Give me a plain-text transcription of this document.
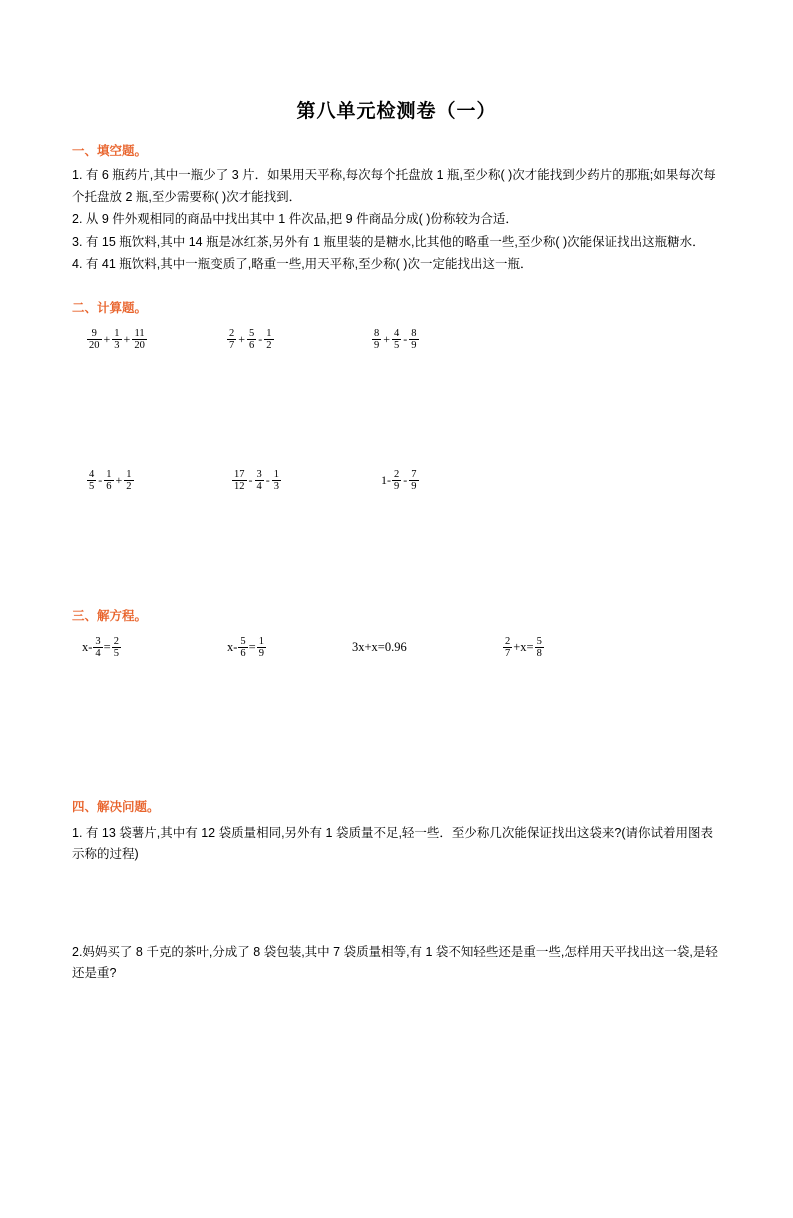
第八单元检测卷（一）
一、填空题。
1. 有 6 瓶药片,其中一瓶少了 3 片．如果用天平称,每次每个托盘放 1 瓶,至少称( )次才能找到少药片的那瓶;如果每次每个托盘放 2 瓶,至少需要称( )次才能找到．
2. 从 9 件外观相同的商品中找出其中 1 件次品,把 9 件商品分成( )份称较为合适．
3. 有 15 瓶饮料,其中 14 瓶是冰红茶,另外有 1 瓶里装的是糖水,比其他的略重一些,至少称( )次能保证找出这瓶糖水．
4. 有 41 瓶饮料,其中一瓶变质了,略重一些,用天平称,至少称( )次一定能找出这一瓶．
二、计算题。
$\frac{9}{20} + \frac{1}{3} + \frac{11}{20}$	$\frac{2}{7} + \frac{5}{6} - \frac{1}{2}$	$\frac{8}{9} + \frac{4}{5} - \frac{8}{9}$
$\frac{4}{5} - \frac{1}{6} + \frac{1}{2}$	$\frac{17}{12} - \frac{3}{4} - \frac{1}{3}$	$1- \frac{2}{9} - \frac{7}{9}$
三、解方程。
$x- \frac{3}{4} = \frac{2}{5}$	$x- \frac{5}{6} = \frac{1}{9}$	3x+x=0.96	$\frac{2}{7} +x= \frac{5}{8}$
四、解决问题。
1. 有 13 袋薯片,其中有 12 袋质量相同,另外有 1 袋质量不足,轻一些．至少称几次能保证找出这袋来?(请你试着用图表示称的过程)
2.妈妈买了 8 千克的茶叶,分成了 8 袋包装,其中 7 袋质量相等,有 1 袋不知轻些还是重一些,怎样用天平找出这一袋,是轻还是重?
